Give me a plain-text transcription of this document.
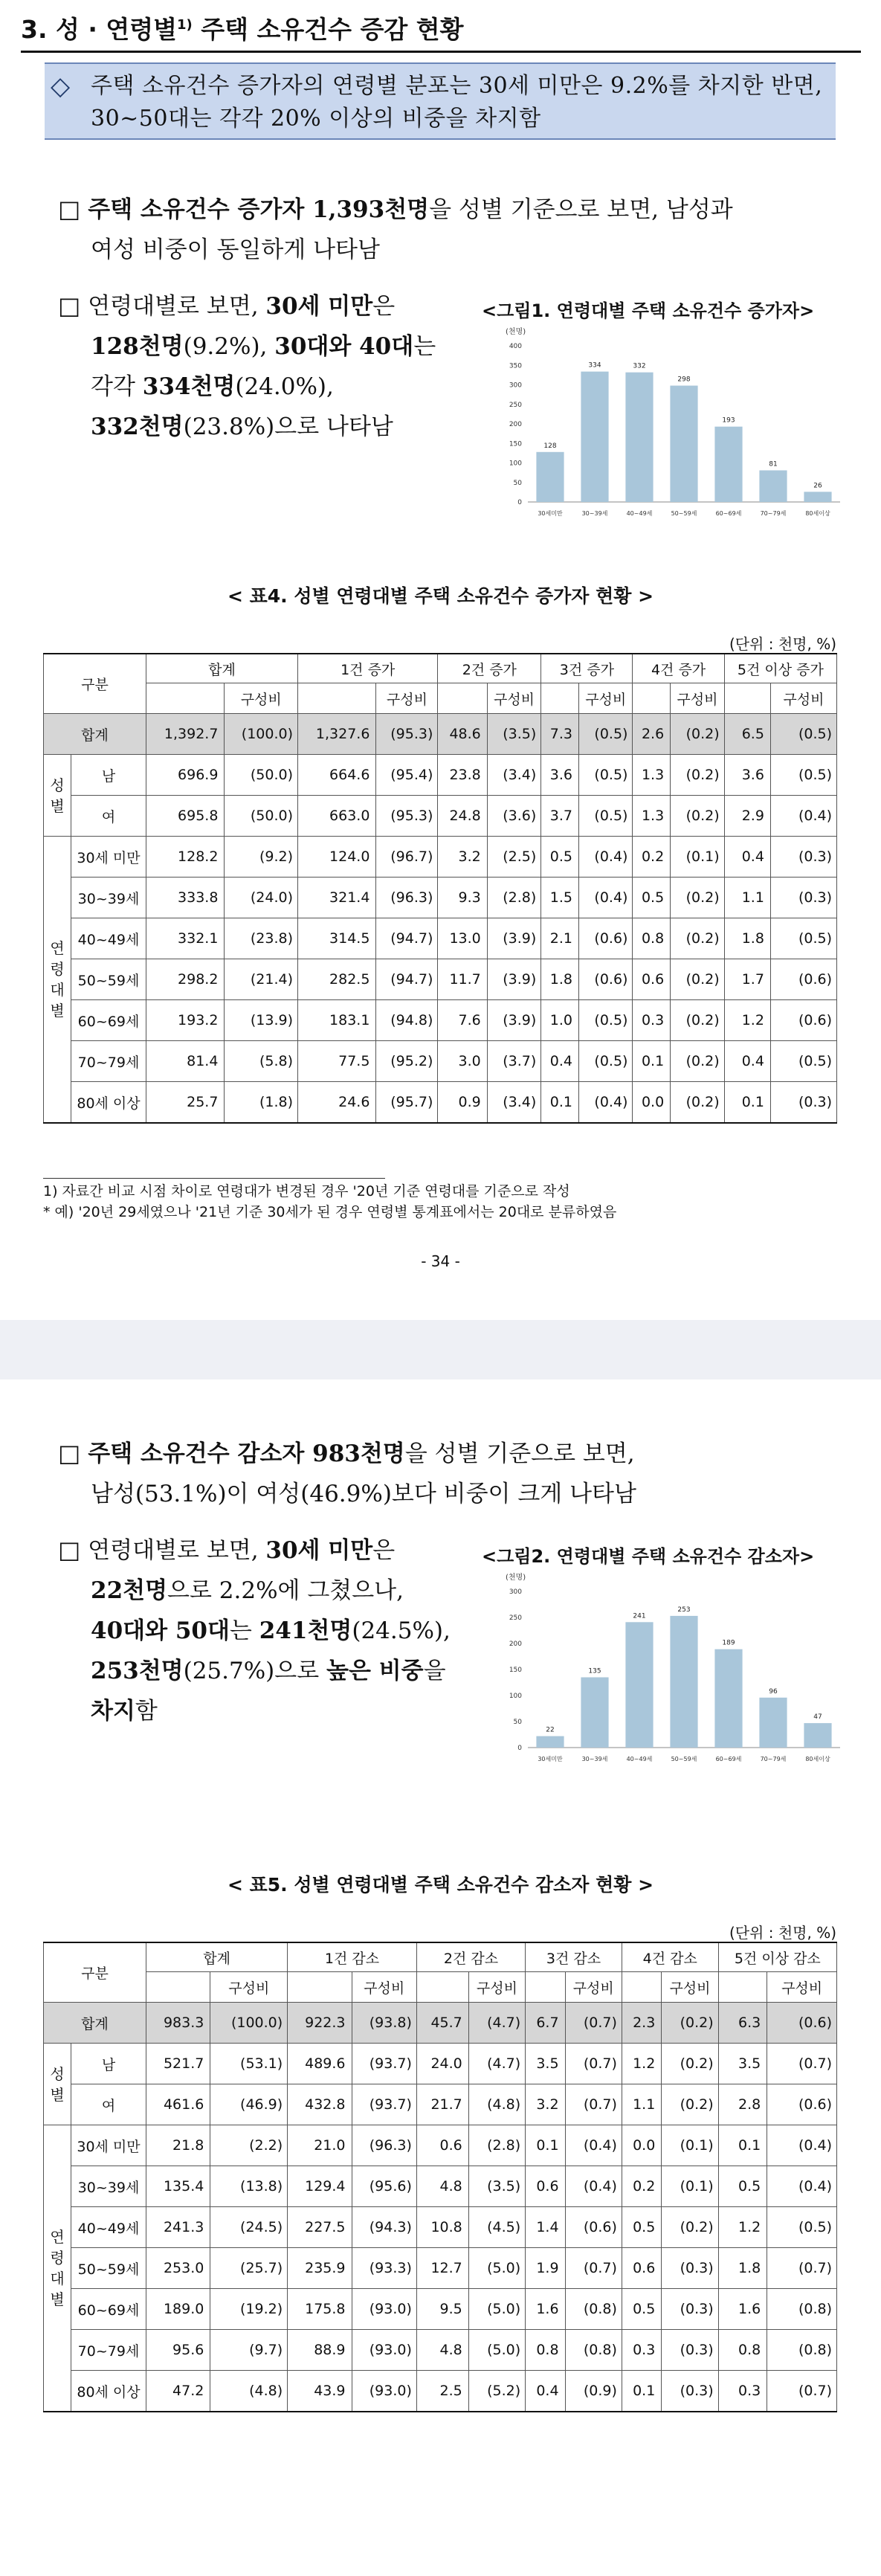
3. 성 · 연령별$^{1)}$ 주택 소유건수 증감 현황
◇ 주택 소유건수 증가자의 연령별 분포는 30세 미만은 9.2%를 차지한 반면, 30~50대는 각각 20% 이상의 비중을 차지함
□ 주택 소유건수 증가자 1,393천명을 성별 기준으로 보면, 남성과
여성 비중이 동일하게 나타남
□ 연령대별로 보면, 30세 미만은
128천명(9.2%), 30대와 40대는
각각 334천명(24.0%),
332천명(23.8%)으로 나타남
<그림1. 연령대별 주택 소유건수 증가자>
(천명)
0
50
100
150
200
250
300
350
400
128
30세미만
334
30~39세
332
40~49세
298
50~59세
193
60~69세
81
70~79세
26
80세이상
< 표4. 성별 연령대별 주택 소유건수 증가자 현황 >
(단위 : 천명, %)
구분		합계		1건 증가		2건 증가		3건 증가		4건 증가		5건 이상 증가	
			구성비		구성비		구성비		구성비		구성비		구성비
합계		1,392.7	(100.0)	1,327.6	(95.3)	48.6	(3.5)	7.3	(0.5)	2.6	(0.2)	6.5	(0.5)
성
별	남	696.9	(50.0)	664.6	(95.4)	23.8	(3.4)	3.6	(0.5)	1.3	(0.2)	3.6	(0.5)
	여	695.8	(50.0)	663.0	(95.3)	24.8	(3.6)	3.7	(0.5)	1.3	(0.2)	2.9	(0.4)
연
령
대
별	30세 미만	128.2	(9.2)	124.0	(96.7)	3.2	(2.5)	0.5	(0.4)	0.2	(0.1)	0.4	(0.3)
	30~39세	333.8	(24.0)	321.4	(96.3)	9.3	(2.8)	1.5	(0.4)	0.5	(0.2)	1.1	(0.3)
	40~49세	332.1	(23.8)	314.5	(94.7)	13.0	(3.9)	2.1	(0.6)	0.8	(0.2)	1.8	(0.5)
	50~59세	298.2	(21.4)	282.5	(94.7)	11.7	(3.9)	1.8	(0.6)	0.6	(0.2)	1.7	(0.6)
	60~69세	193.2	(13.9)	183.1	(94.8)	7.6	(3.9)	1.0	(0.5)	0.3	(0.2)	1.2	(0.6)
	70~79세	81.4	(5.8)	77.5	(95.2)	3.0	(3.7)	0.4	(0.5)	0.1	(0.2)	0.4	(0.5)
	80세 이상	25.7	(1.8)	24.6	(95.7)	0.9	(3.4)	0.1	(0.4)	0.0	(0.2)	0.1	(0.3)
1) 자료간 비교 시점 차이로 연령대가 변경된 경우 '20년 기준 연령대를 기준으로 작성
* 예) '20년 29세였으나 '21년 기준 30세가 된 경우 연령별 통계표에서는 20대로 분류하였음
- 34 -
□ 주택 소유건수 감소자 983천명을 성별 기준으로 보면,
남성(53.1%)이 여성(46.9%)보다 비중이 크게 나타남
□ 연령대별로 보면, 30세 미만은
22천명으로 2.2%에 그쳤으나,
40대와 50대는 241천명(24.5%),
253천명(25.7%)으로 높은 비중을
차지함
<그림2. 연령대별 주택 소유건수 감소자>
(천명)
0
50
100
150
200
250
300
22
30세미만
135
30~39세
241
40~49세
253
50~59세
189
60~69세
96
70~79세
47
80세이상
< 표5. 성별 연령대별 주택 소유건수 감소자 현황 >
(단위 : 천명, %)
구분		합계		1건 감소		2건 감소		3건 감소		4건 감소		5건 이상 감소	
			구성비		구성비		구성비		구성비		구성비		구성비
합계		983.3	(100.0)	922.3	(93.8)	45.7	(4.7)	6.7	(0.7)	2.3	(0.2)	6.3	(0.6)
성
별	남	521.7	(53.1)	489.6	(93.7)	24.0	(4.7)	3.5	(0.7)	1.2	(0.2)	3.5	(0.7)
	여	461.6	(46.9)	432.8	(93.7)	21.7	(4.8)	3.2	(0.7)	1.1	(0.2)	2.8	(0.6)
연
령
대
별	30세 미만	21.8	(2.2)	21.0	(96.3)	0.6	(2.8)	0.1	(0.4)	0.0	(0.1)	0.1	(0.4)
	30~39세	135.4	(13.8)	129.4	(95.6)	4.8	(3.5)	0.6	(0.4)	0.2	(0.1)	0.5	(0.4)
	40~49세	241.3	(24.5)	227.5	(94.3)	10.8	(4.5)	1.4	(0.6)	0.5	(0.2)	1.2	(0.5)
	50~59세	253.0	(25.7)	235.9	(93.3)	12.7	(5.0)	1.9	(0.7)	0.6	(0.3)	1.8	(0.7)
	60~69세	189.0	(19.2)	175.8	(93.0)	9.5	(5.0)	1.6	(0.8)	0.5	(0.3)	1.6	(0.8)
	70~79세	95.6	(9.7)	88.9	(93.0)	4.8	(5.0)	0.8	(0.8)	0.3	(0.3)	0.8	(0.8)
	80세 이상	47.2	(4.8)	43.9	(93.0)	2.5	(5.2)	0.4	(0.9)	0.1	(0.3)	0.3	(0.7)
